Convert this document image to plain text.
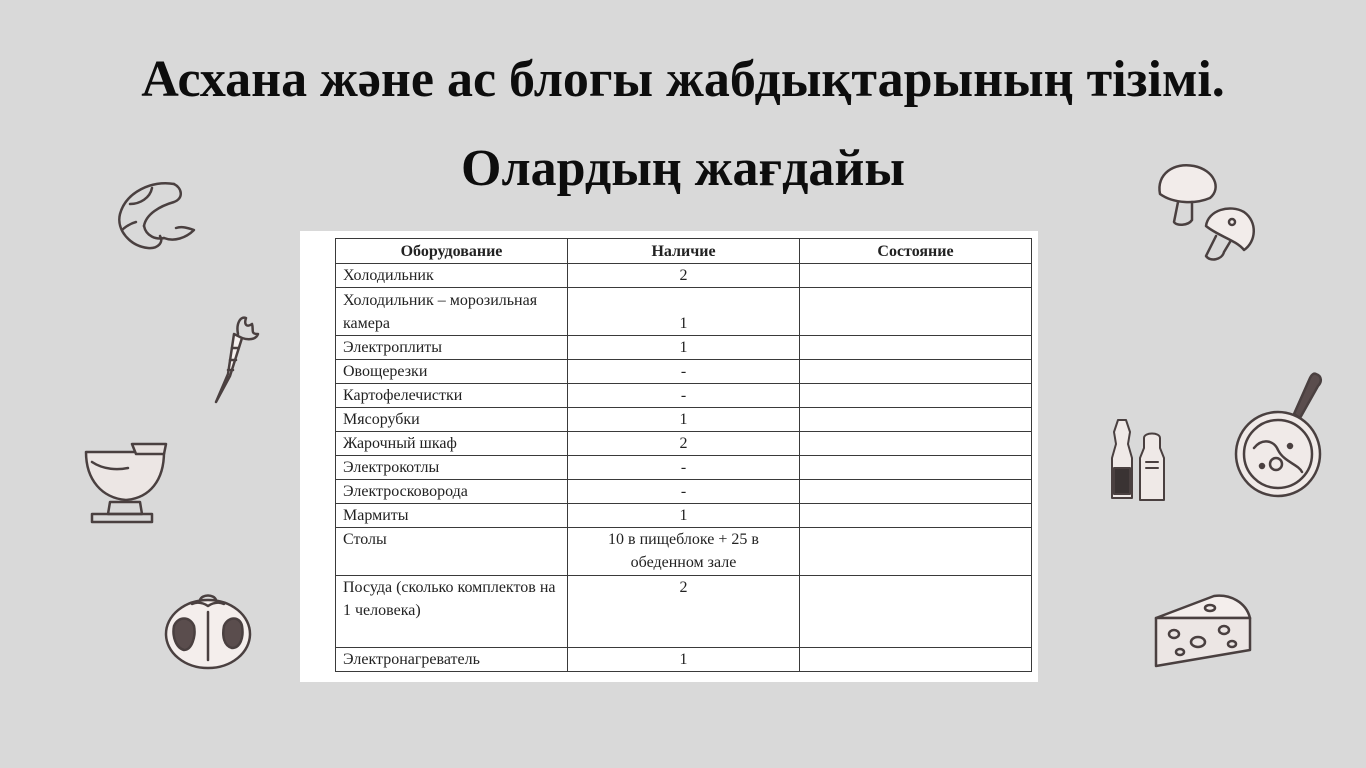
Асхана және ас блогы жабдықтарының тізімі.
Олардың жағдайы
Оборудование	Наличие	Состояние
Холодильник	2	
Холодильник – морозильная камера	1	
Электроплиты	1	
Овощерезки	-	
Картофелечистки	-	
Мясорубки	1	
Жарочный шкаф	2	
Электрокотлы	-	
Электросковорода	-	
Мармиты	1	
Столы	10 в пищеблоке + 25 в обеденном зале	
Посуда (сколько комплектов на 1 человека)	2	
Электронагреватель	1	
